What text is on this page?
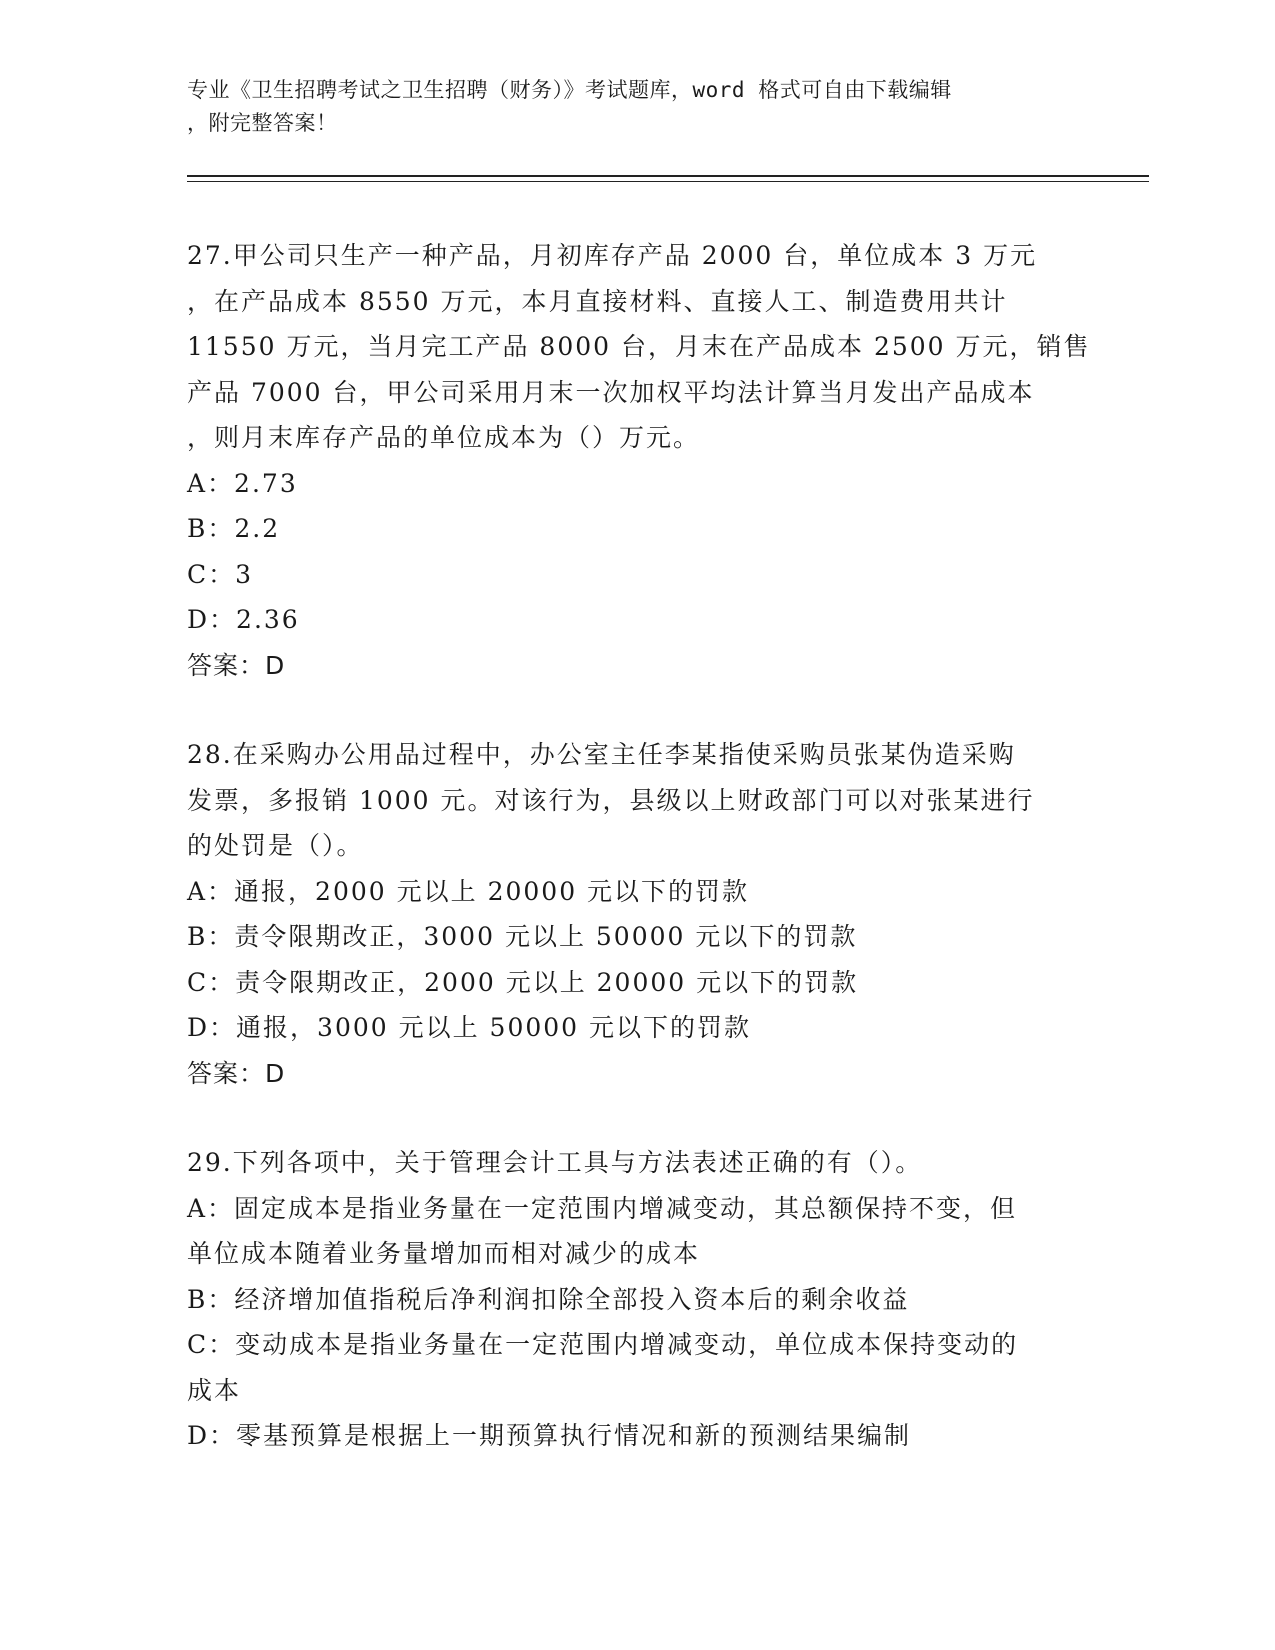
专业《卫生招聘考试之卫生招聘（财务）》考试题库，word 格式可自由下载编辑
，附完整答案！
27.甲公司只生产一种产品，月初库存产品 2000 台，单位成本 3 万元
，在产品成本 8550 万元，本月直接材料、直接人工、制造费用共计
11550 万元，当月完工产品 8000 台，月末在产品成本 2500 万元，销售
产品 7000 台，甲公司采用月末一次加权平均法计算当月发出产品成本
，则月末库存产品的单位成本为（）万元。
A：2.73
B：2.2
C：3
D：2.36
答案：D
28.在采购办公用品过程中，办公室主任李某指使采购员张某伪造采购
发票，多报销 1000 元。对该行为，县级以上财政部门可以对张某进行
的处罚是（）。
A：通报，2000 元以上 20000 元以下的罚款
B：责令限期改正，3000 元以上 50000 元以下的罚款
C：责令限期改正，2000 元以上 20000 元以下的罚款
D：通报，3000 元以上 50000 元以下的罚款
答案：D
29.下列各项中，关于管理会计工具与方法表述正确的有（）。
A：固定成本是指业务量在一定范围内增减变动，其总额保持不变，但
单位成本随着业务量增加而相对减少的成本
B：经济增加值指税后净利润扣除全部投入资本后的剩余收益
C：变动成本是指业务量在一定范围内增减变动，单位成本保持变动的
成本
D：零基预算是根据上一期预算执行情况和新的预测结果编制
